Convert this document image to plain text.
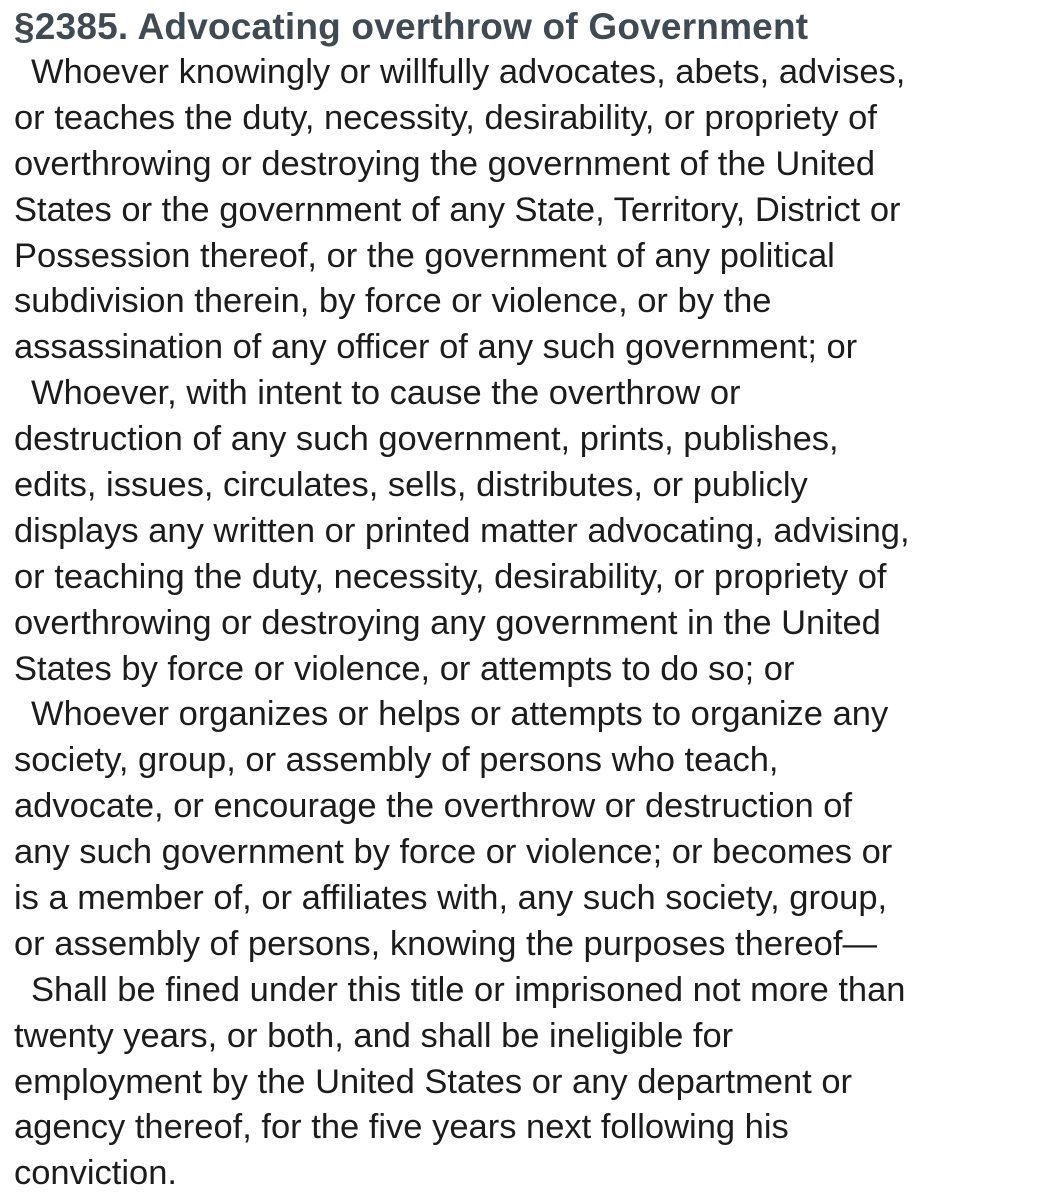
§2385. Advocating overthrow of Government
Whoever knowingly or willfully advocates, abets, advises,
or teaches the duty, necessity, desirability, or propriety of
overthrowing or destroying the government of the United
States or the government of any State, Territory, District or
Possession thereof, or the government of any political
subdivision therein, by force or violence, or by the
assassination of any officer of any such government; or
Whoever, with intent to cause the overthrow or
destruction of any such government, prints, publishes,
edits, issues, circulates, sells, distributes, or publicly
displays any written or printed matter advocating, advising,
or teaching the duty, necessity, desirability, or propriety of
overthrowing or destroying any government in the United
States by force or violence, or attempts to do so; or
Whoever organizes or helps or attempts to organize any
society, group, or assembly of persons who teach,
advocate, or encourage the overthrow or destruction of
any such government by force or violence; or becomes or
is a member of, or affiliates with, any such society, group,
or assembly of persons, knowing the purposes thereof—
Shall be fined under this title or imprisoned not more than
twenty years, or both, and shall be ineligible for
employment by the United States or any department or
agency thereof, for the five years next following his
conviction.
